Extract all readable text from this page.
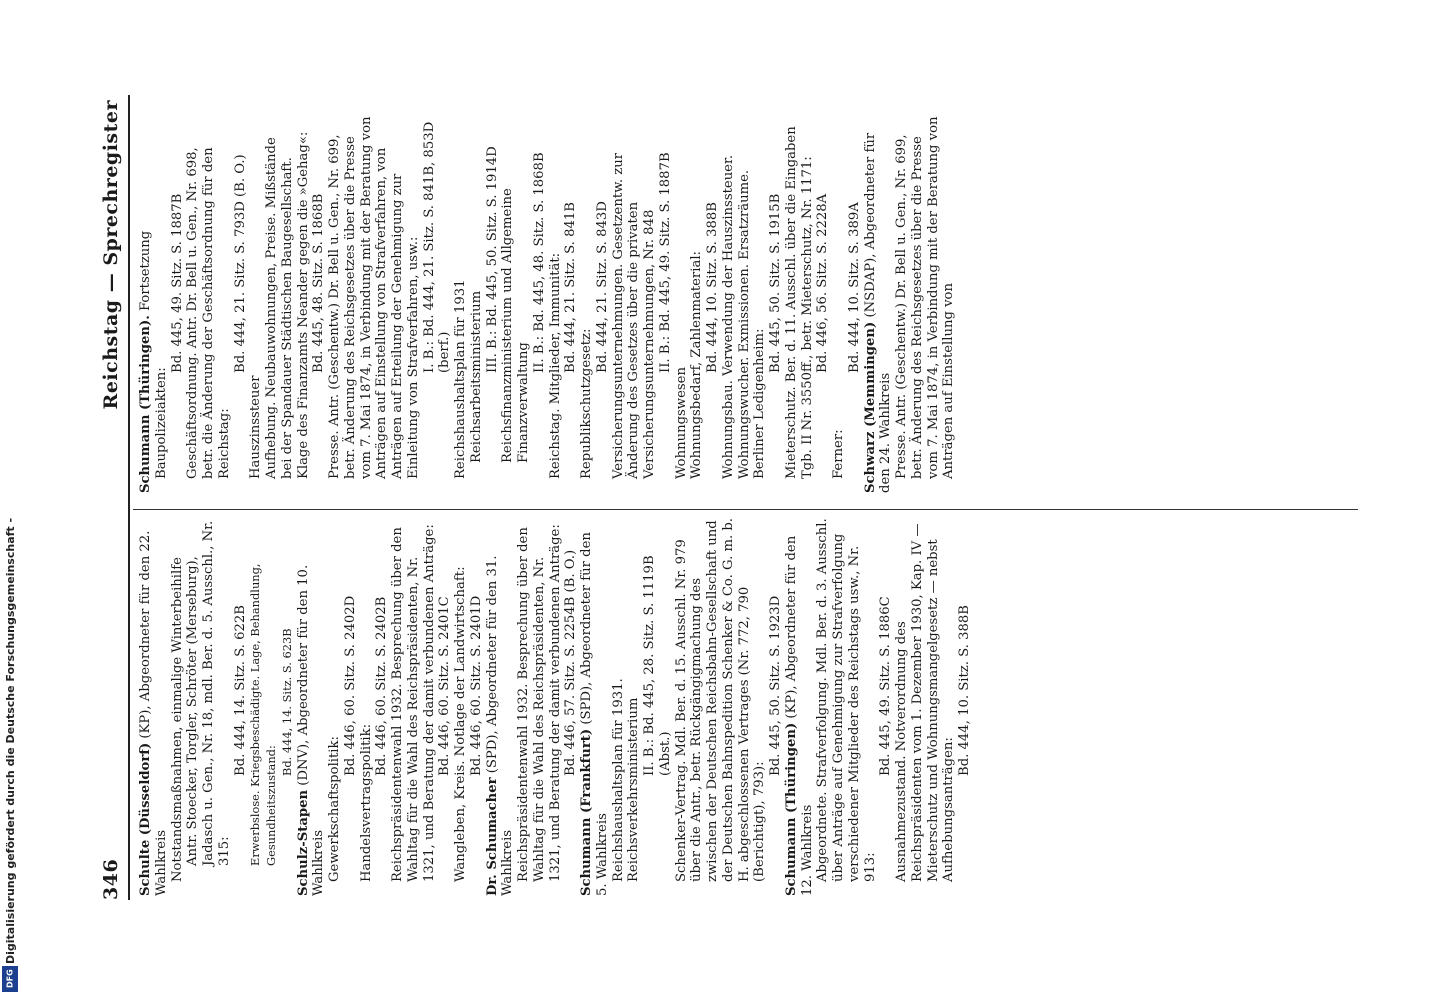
346
Reichstag — Sprechregister

Schulte (Düsseldorf) (KP), Abgeordneter für den 22. Wahlkreis Notstandsmaßnahmen, einmalige Winterbeihilfe Antr. Stoecker, Torgler, Schröter (Merseburg), Jadasch u. Gen., Nr. 18, mdl. Ber. d. 5. Ausschl., Nr. 315:

Bd. 444, 14. Sitz. S. 622B Erwerbslose. Kriegsbeschädigte. Lage, Behandlung, Gesundheitszustand:

Bd. 444, 14. Sitz. S. 623B

Schulz-Stapen (DNV), Abgeordneter für den 10. Wahlkreis Gewerkschaftspolitik:

Bd. 446, 60. Sitz. S. 2402D

Handelsvertragspolitik:

Bd. 446, 60. Sitz. S. 2402B Reichspräsidentenwahl 1932. Besprechung über den Wahltag für die Wahl des Reichspräsidenten, Nr. 1321, und Beratung der damit verbundenen Anträge: Bd. 446, 60. Sitz. S. 2401C Wangleben, Kreis. Notlage der Landwirtschaft: Bd. 446, 60. Sitz. S. 2401D

Dr. Schumacher (SPD), Abgeordneter für den 31. Wahlkreis Reichspräsidentenwahl 1932. Besprechung über den Wahltag für die Wahl des Reichspräsidenten, Nr. 1321, und Beratung der damit verbundenen Anträge: Bd. 446, 57. Sitz. S. 2254B (B. O.)

Schumann (Frankfurt) (SPD), Abgeordneter für den 5. Wahlkreis Reichshaushaltsplan für 1931. Reichsverkehrsministerium

II. B.: Bd. 445, 28. Sitz. S. 1119B (Abst.) Schenker-Vertrag. Mdl. Ber. d. 15. Ausschl. Nr. 979 über die Antr., betr. Rückgängigmachung des zwischen der Deutschen Reichsbahn-Gesellschaft und der Deutschen Bahnspedition Schenker & Co. G. m. b. H. abgeschlossenen Vertrages (Nr. 772, 790 (Berichtigt), 793):

Bd. 445, 50. Sitz. S. 1923D

Schumann (Thüringen) (KP), Abgeordneter für den 12. Wahlkreis Abgeordnete. Strafverfolgung. Mdl. Ber. d. 3. Ausschl. über Anträge auf Genehmigung zur Strafverfolgung verschiedener Mitglieder des Reichstags usw., Nr. 913:

Bd. 445, 49. Sitz. S. 1886C Ausnahmezustand. Notverordnung des Reichspräsidenten vom 1. Dezember 1930, Kap. IV — Mieterschutz und Wohnungsmangelgesetz — nebst Aufhebungsanträgen:

Bd. 444, 10. Sitz. S. 388B

Schumann (Thüringen). Fortsetzung

Baupolizeiakten:

Bd. 445, 49. Sitz. S. 1887B Geschäftsordnung. Antr. Dr. Bell u. Gen., Nr. 698, betr. die Änderung der Geschäftsordnung für den Reichstag:

Bd. 444, 21. Sitz. S. 793D (B. O.)

Hauszinssteuer Aufhebung. Neubauwohnungen, Preise. Mißstände bei der Spandauer Städtischen Baugesellschaft. Klage des Finanzamts Neander gegen die »Gehag«: Bd. 445, 48. Sitz. S. 1868B Presse. Antr. (Geschentw.) Dr. Bell u. Gen., Nr. 699, betr. Änderung des Reichsgesetzes über die Presse vom 7. Mai 1874, in Verbindung mit der Beratung von Anträgen auf Einstellung von Strafverfahren, von Anträgen auf Erteilung der Genehmigung zur Einleitung von Strafverfahren, usw.: I. B.: Bd. 444, 21. Sitz. S. 841B, 853D (berf.) Reichshaushaltsplan für 1931 Reichsarbeitsministerium

III. B.: Bd. 445, 50. Sitz. S. 1914D Reichsfinanzministerium und Allgemeine Finanzverwaltung

II. B.: Bd. 445, 48. Sitz. S. 1868B Reichstag. Mitglieder, Immunität: Bd. 444, 21. Sitz. S. 841B

Republikschutzgesetz:

Bd. 444, 21. Sitz. S. 843D Versicherungsunternehmungen. Gesetzentw. zur Änderung des Gesetzes über die privaten Versicherungsunternehmungen, Nr. 848 II. B.: Bd. 445, 49. Sitz. S. 1887B

Wohnungswesen Wohnungsbedarf, Zahlenmaterial: Bd. 444, 10. Sitz. S. 388B Wohnungsbau. Verwendung der Hauszinssteuer. Wohnungswucher. Exmissionen. Ersatzräume. Berliner Ledigenheim:

Bd. 445, 50. Sitz. S. 1915B Mieterschutz. Ber. d. 11. Ausschl. über die Eingaben Tgb. II Nr. 3550ff., betr. Mieterschutz, Nr. 1171: Bd. 446, 56. Sitz. S. 2228A

Ferner:

Bd. 444, 10. Sitz. S. 389A

Schwarz (Memmingen) (NSDAP), Abgeordneter für den 24. Wahlkreis Presse. Antr. (Geschentw.) Dr. Bell u. Gen., Nr. 699, betr. Änderung des Reichsgesetzes über die Presse vom 7. Mai 1874, in Verbindung mit der Beratung von Anträgen auf Einstellung von

Digitalisierung gefördert durch die Deutsche Forschungsgemeinschaft -
DFG
